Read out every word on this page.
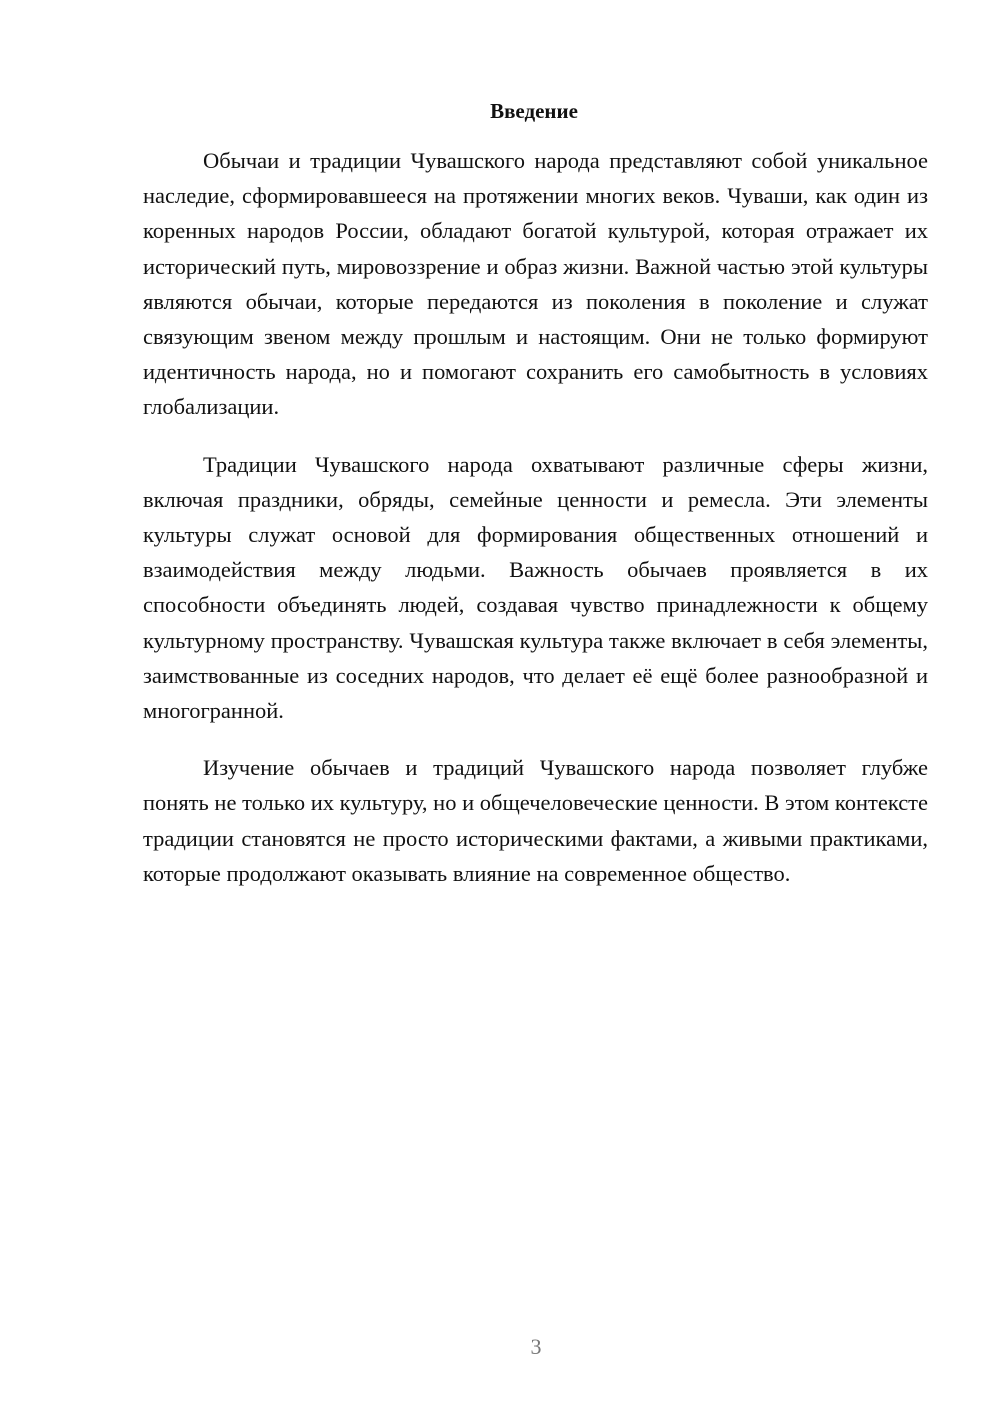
Введение

Обычаи и традиции Чувашского народа представляют собой уникальное наследие, сформировавшееся на протяжении многих веков. Чуваши, как один из коренных народов России, обладают богатой культурой, которая отражает их исторический путь, мировоззрение и образ жизни. Важной частью этой культуры являются обычаи, которые передаются из поколения в поколение и служат связующим звеном между прошлым и настоящим. Они не только формируют идентичность народа, но и помогают сохранить его самобытность в условиях глобализации.

Традиции Чувашского народа охватывают различные сферы жизни, включая праздники, обряды, семейные ценности и ремесла. Эти элементы культуры служат основой для формирования общественных отношений и взаимодействия между людьми. Важность обычаев проявляется в их способности объединять людей, создавая чувство принадлежности к общему культурному пространству. Чувашская культура также включает в себя элементы, заимствованные из соседних народов, что делает её ещё более разнообразной и многогранной.

Изучение обычаев и традиций Чувашского народа позволяет глубже понять не только их культуру, но и общечеловеческие ценности. В этом контексте традиции становятся не просто историческими фактами, а живыми практиками, которые продолжают оказывать влияние на современное общество.

3
